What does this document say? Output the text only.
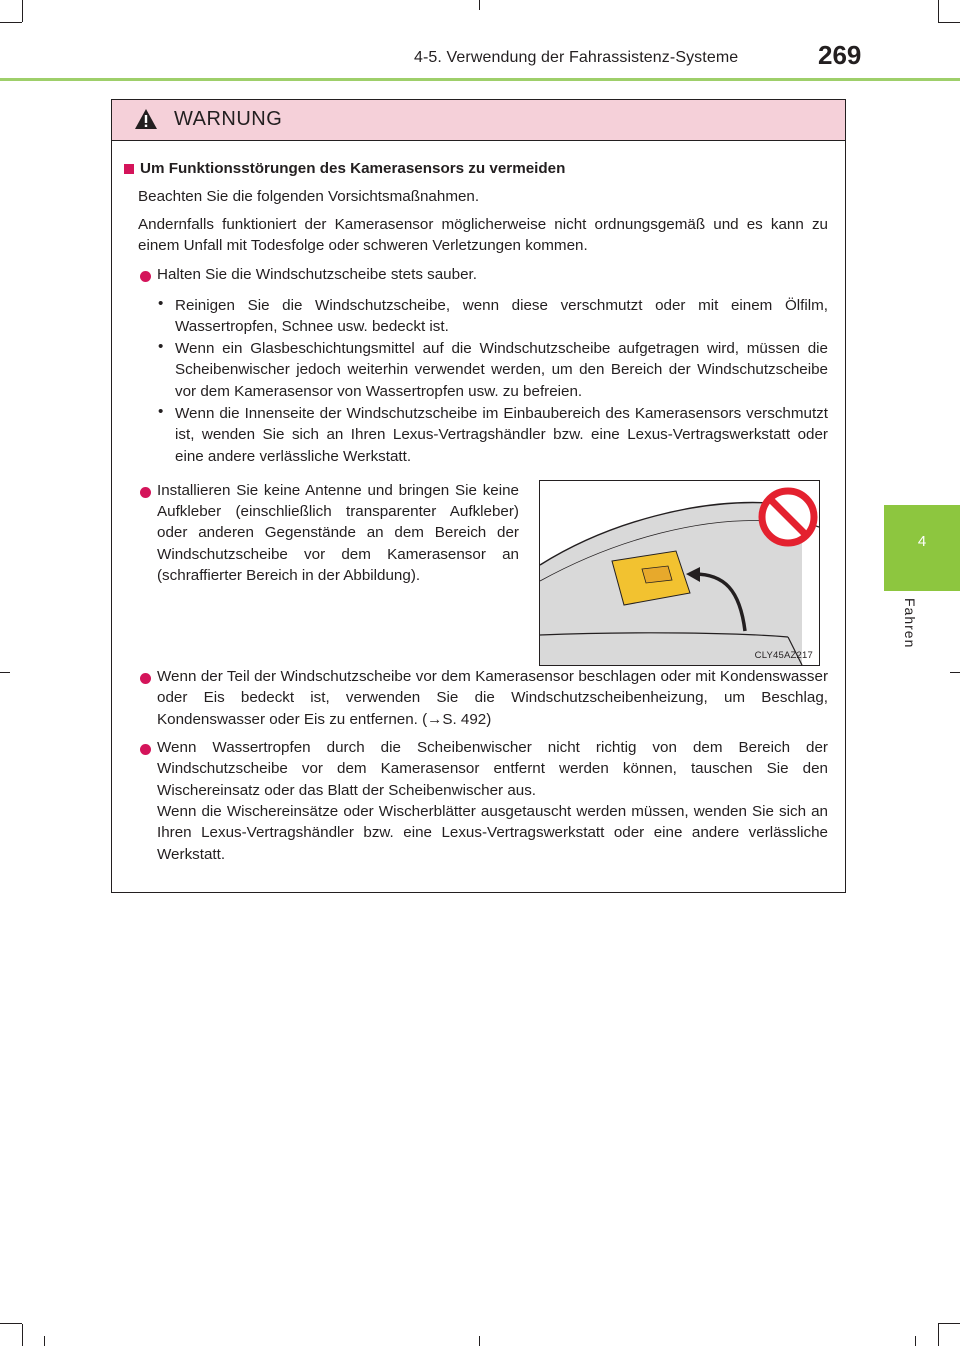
4-5. Verwendung der Fahrassistenz-Systeme	269
4
Fahren
WARNUNG

Um Funktionsstörungen des Kamerasensors zu vermeiden

Beachten Sie die folgenden Vorsichtsmaßnahmen.

Andernfalls funktioniert der Kamerasensor möglicherweise nicht ordnungsgemäß und es kann zu einem Unfall mit Todesfolge oder schweren Verletzungen kommen.

Halten Sie die Windschutzscheibe stets sauber.

• Reinigen Sie die Windschutzscheibe, wenn diese verschmutzt oder mit einem Ölfilm, Wassertropfen, Schnee usw. bedeckt ist.

• Wenn ein Glasbeschichtungsmittel auf die Windschutzscheibe aufgetragen wird, müssen die Scheibenwischer jedoch weiterhin verwendet werden, um den Bereich der Windschutzscheibe vor dem Kamerasensor von Wassertropfen usw. zu befreien.

• Wenn die Innenseite der Windschutzscheibe im Einbaubereich des Kamerasensors verschmutzt ist, wenden Sie sich an Ihren Lexus-Vertragshändler bzw. eine Lexus-Vertragswerkstatt oder eine andere verlässliche Werkstatt.

Installieren Sie keine Antenne und bringen Sie keine Aufkleber (einschließlich transparenter Aufkleber) oder anderen Gegenstände an dem Bereich der Windschutzscheibe vor dem Kamerasensor an (schraffierter Bereich in der Abbildung).

Wenn der Teil der Windschutzscheibe vor dem Kamerasensor beschlagen oder mit Kondenswasser oder Eis bedeckt ist, verwenden Sie die Windschutzscheibenheizung, um Beschlag, Kondenswasser oder Eis zu entfernen. (→S. 492)

Wenn Wassertropfen durch die Scheibenwischer nicht richtig von dem Bereich der Windschutzscheibe vor dem Kamerasensor entfernt werden können, tauschen Sie den Wischereinsatz oder das Blatt der Scheibenwischer aus.

Wenn die Wischereinsätze oder Wischerblätter ausgetauscht werden müssen, wenden Sie sich an Ihren Lexus-Vertragshändler bzw. eine Lexus-Vertragswerkstatt oder eine andere verlässliche Werkstatt.

CLY45AZ217
